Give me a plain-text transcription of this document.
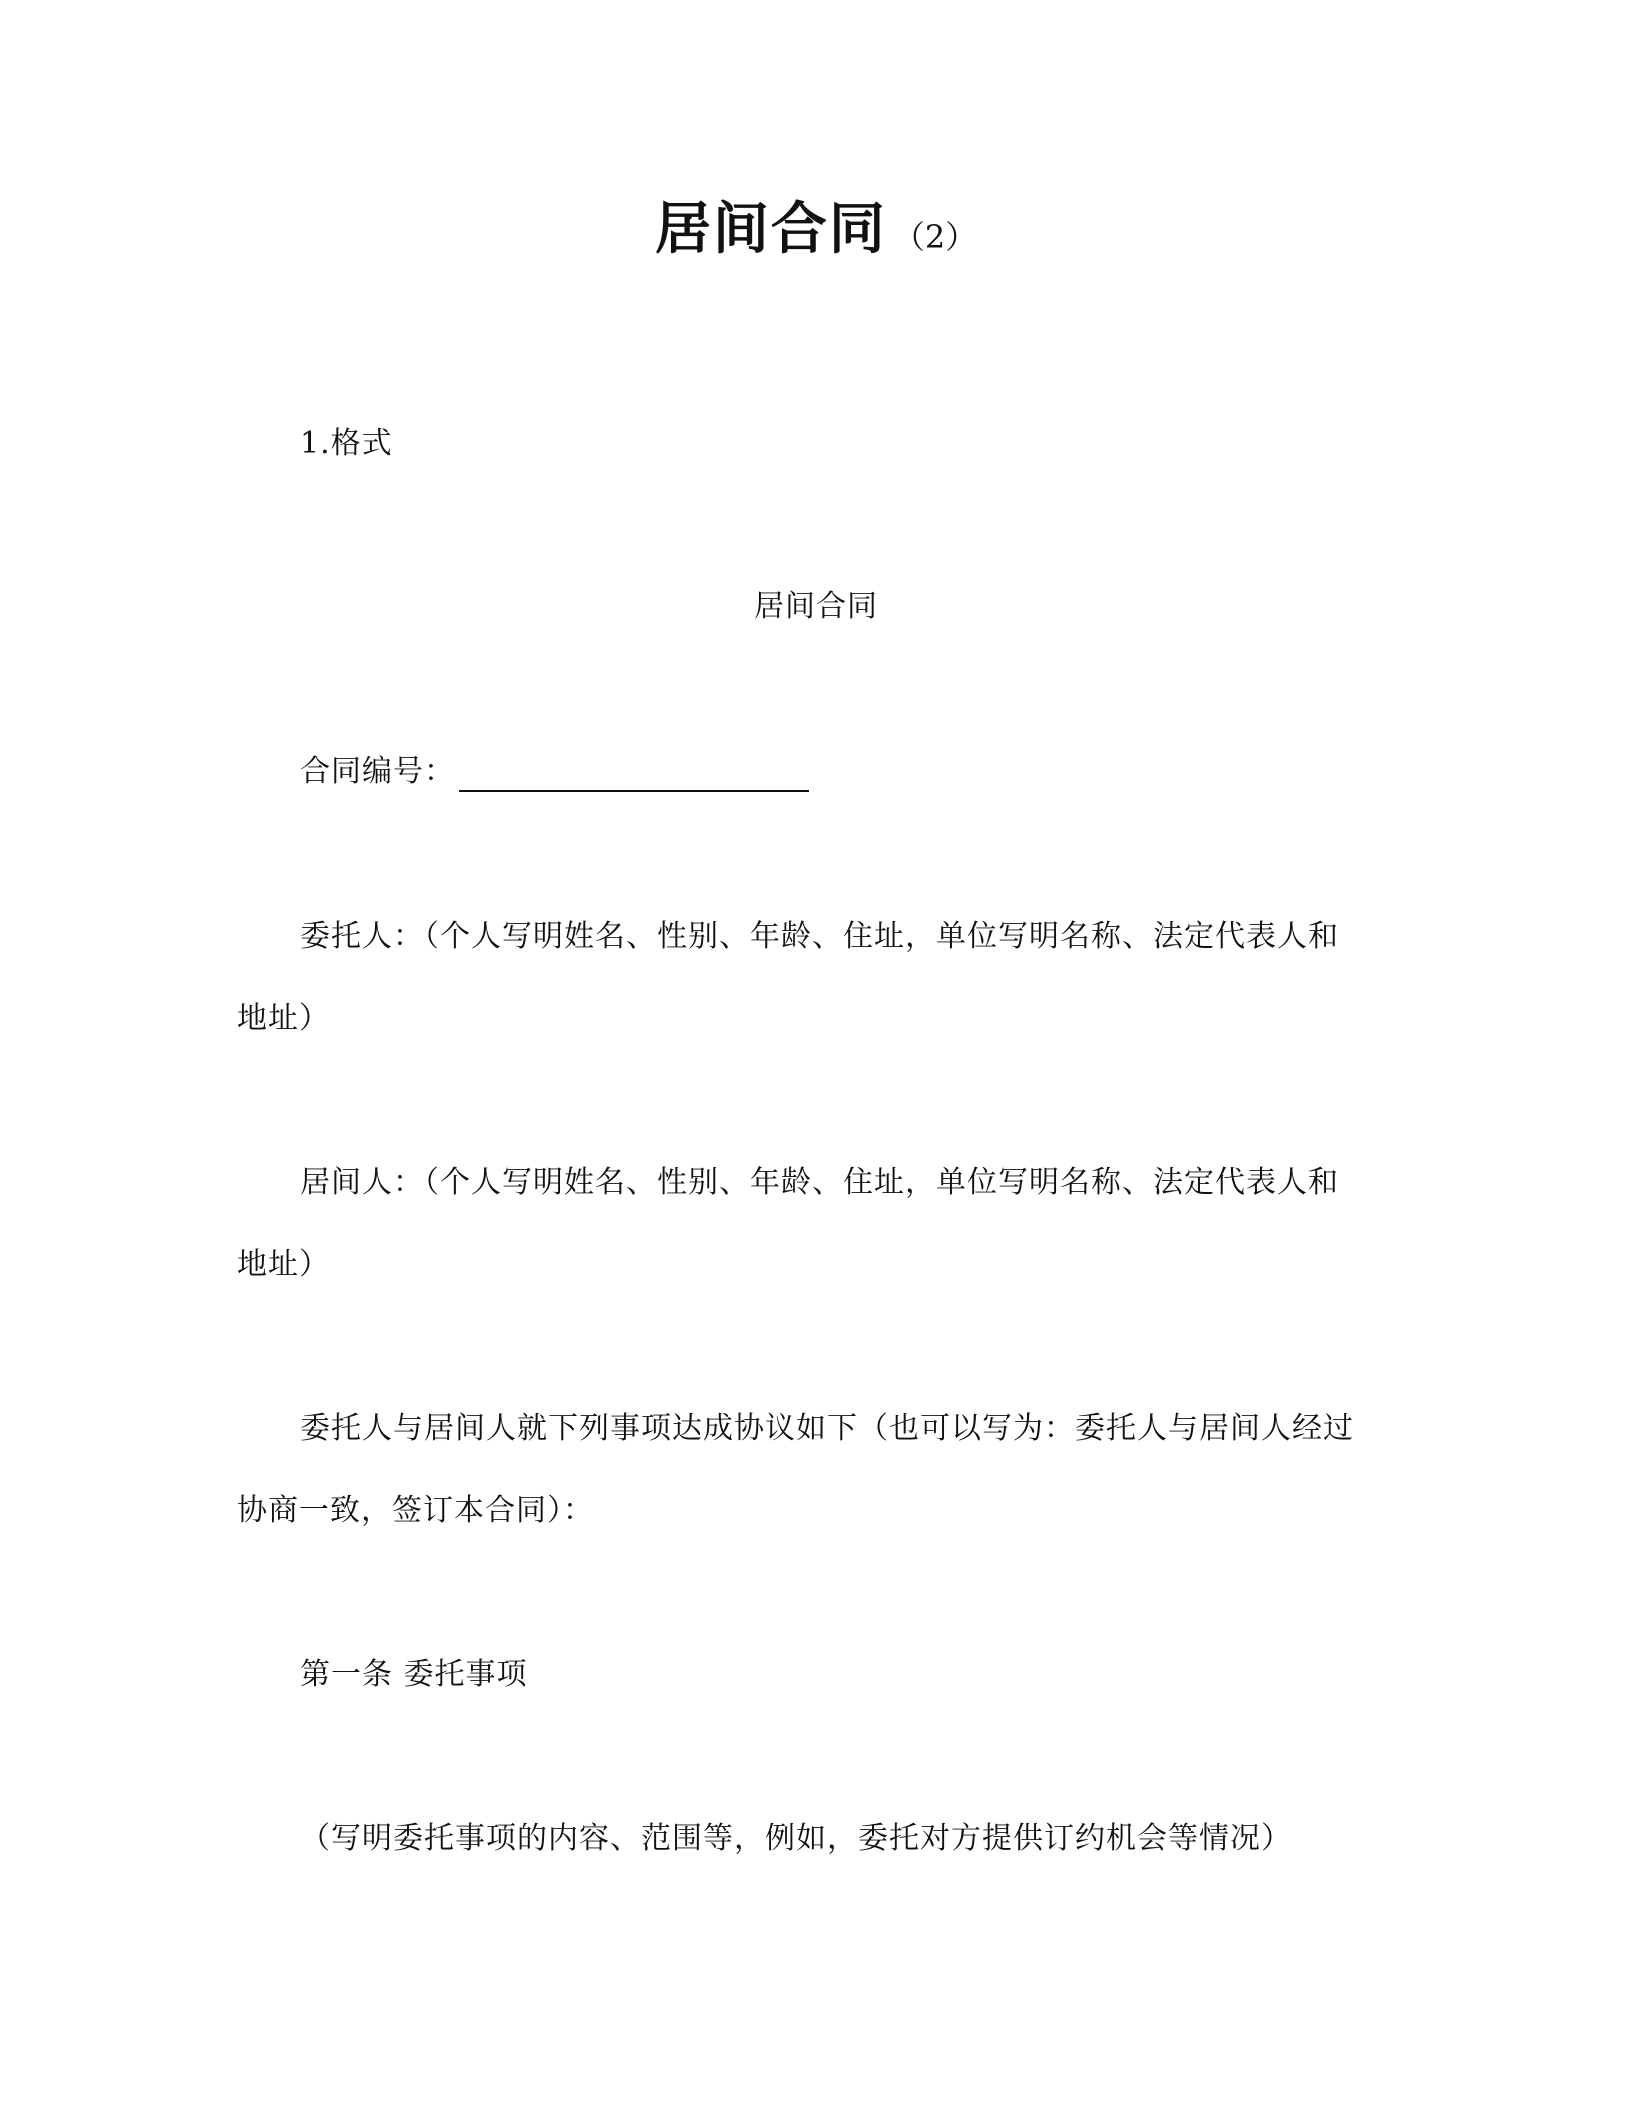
居间合同 （2）
1.格式
居间合同
合同编号：
委托人：（个人写明姓名、性别、年龄、住址，单位写明名称、法定代表人和
地址）
居间人：（个人写明姓名、性别、年龄、住址，单位写明名称、法定代表人和
地址）
委托人与居间人就下列事项达成协议如下（也可以写为：委托人与居间人经过
协商一致，签订本合同）：
第一条 委托事项
（写明委托事项的内容、范围等，例如，委托对方提供订约机会等情况）
